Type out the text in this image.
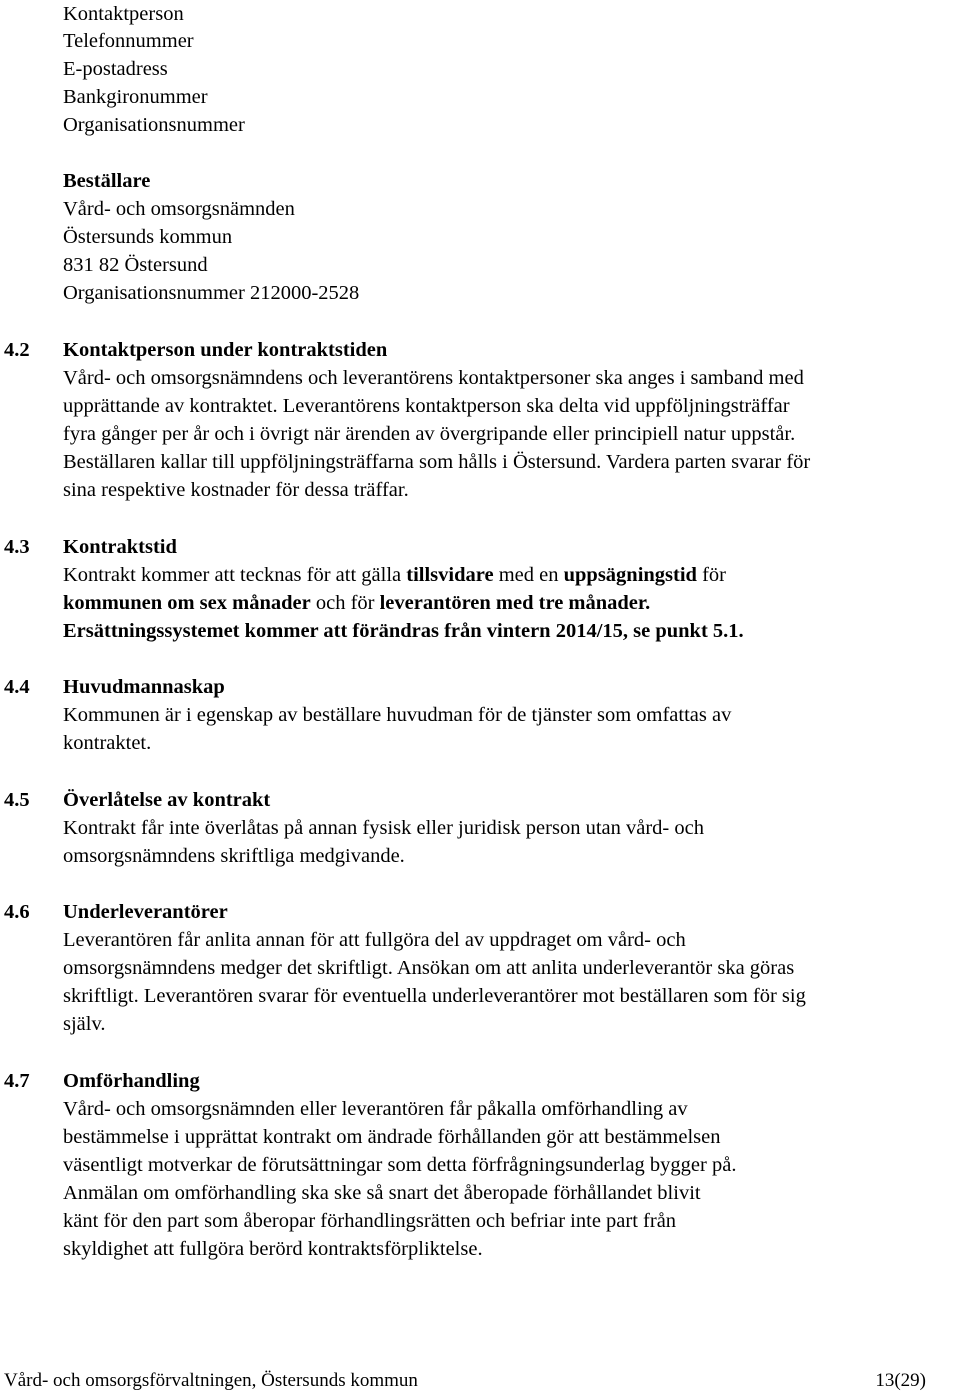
Kontaktperson
Telefonnummer
E-postadress
Bankgironummer
Organisationsnummer
Beställare
Vård- och omsorgsnämnden
Östersunds kommun
831 82 Östersund
Organisationsnummer 212000-2528
4.2 Kontaktperson under kontraktstiden
Vård- och omsorgsnämndens och leverantörens kontaktpersoner ska anges i samband med
upprättande av kontraktet. Leverantörens kontaktperson ska delta vid uppföljningsträffar
fyra gånger per år och i övrigt när ärenden av övergripande eller principiell natur uppstår.
Beställaren kallar till uppföljningsträffarna som hålls i Östersund. Vardera parten svarar för
sina respektive kostnader för dessa träffar.
4.3 Kontraktstid
Kontrakt kommer att tecknas för att gälla tillsvidare med en uppsägningstid för
kommunen om sex månader och för leverantören med tre månader.
Ersättningssystemet kommer att förändras från vintern 2014/15, se punkt 5.1.
4.4 Huvudmannaskap
Kommunen är i egenskap av beställare huvudman för de tjänster som omfattas av
kontraktet.
4.5 Överlåtelse av kontrakt
Kontrakt får inte överlåtas på annan fysisk eller juridisk person utan vård- och
omsorgsnämndens skriftliga medgivande.
4.6 Underleverantörer
Leverantören får anlita annan för att fullgöra del av uppdraget om vård- och
omsorgsnämndens medger det skriftligt. Ansökan om att anlita underleverantör ska göras
skriftligt. Leverantören svarar för eventuella underleverantörer mot beställaren som för sig
själv.
4.7 Omförhandling
Vård- och omsorgsnämnden eller leverantören får påkalla omförhandling av
bestämmelse i upprättat kontrakt om ändrade förhållanden gör att bestämmelsen
väsentligt motverkar de förutsättningar som detta förfrågningsunderlag bygger på.
Anmälan om omförhandling ska ske så snart det åberopade förhållandet blivit
känt för den part som åberopar förhandlingsrätten och befriar inte part från
skyldighet att fullgöra berörd kontraktsförpliktelse.
Vård- och omsorgsförvaltningen, Östersunds kommun	13(29)
